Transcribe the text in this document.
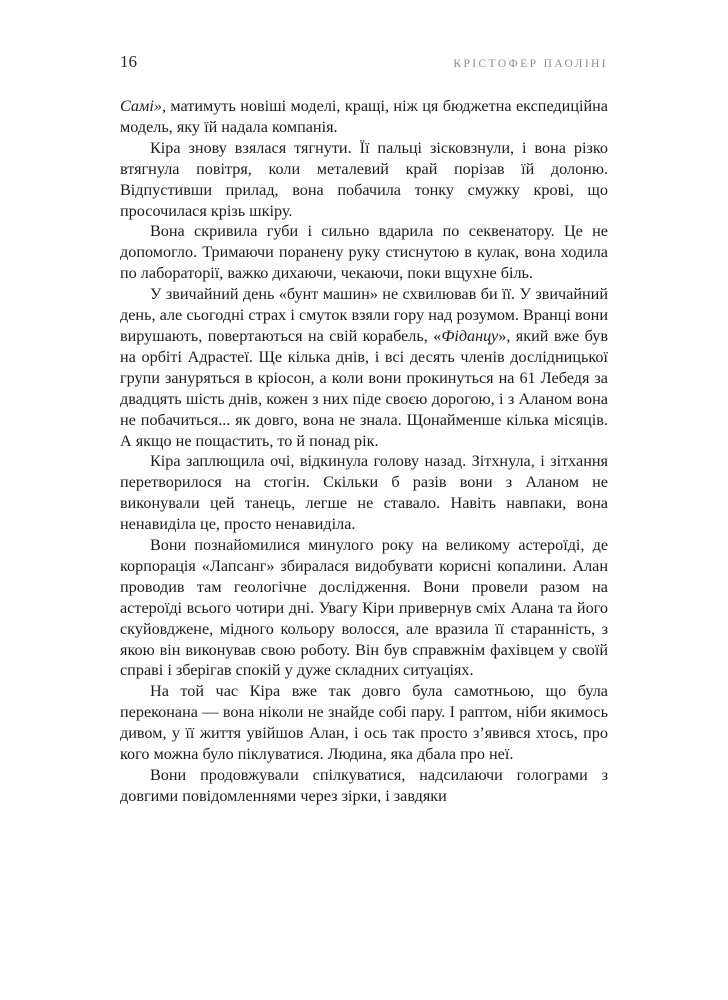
16	КРІСТОФЕР ПАОЛІНІ

Самі», матимуть новіші моделі, кращі, ніж ця бюджетна експедиційна модель, яку їй надала компанія.

Кіра знову взялася тягнути. Її пальці зісковзнули, і вона різко втягнула повітря, коли металевий край порізав їй долоню. Відпустивши прилад, вона побачила тонку смужку крові, що просочилася крізь шкіру.

Вона скривила губи і сильно вдарила по секвенатору. Це не допомогло. Тримаючи поранену руку стиснутою в кулак, вона ходила по лабораторії, важко дихаючи, чекаючи, поки вщухне біль.

У звичайний день «бунт машин» не схвилював би її. У звичайний день, але сьогодні страх і смуток взяли гору над розумом. Вранці вони вирушають, повертаються на свій корабель, «Фіданцу», який вже був на орбіті Адрастеї. Ще кілька днів, і всі десять членів дослідницької групи зануряться в кріосон, а коли вони прокинуться на 61 Лебедя за двадцять шість днів, кожен з них піде своєю дорогою, і з Аланом вона не побачиться... як довго, вона не знала. Щонайменше кілька місяців. А якщо не пощастить, то й понад рік.

Кіра заплющила очі, відкинула голову назад. Зітхнула, і зітхання перетворилося на стогін. Скільки б разів вони з Аланом не виконували цей танець, легше не ставало. Навіть навпаки, вона ненавиділа це, просто ненавиділа.

Вони познайомилися минулого року на великому астероїді, де корпорація «Лапсанг» збиралася видобувати корисні копалини. Алан проводив там геологічне дослідження. Вони провели разом на астероїді всього чотири дні. Увагу Кіри привернув сміх Алана та його скуйовджене, мідного кольору волосся, але вразила її старанність, з якою він виконував свою роботу. Він був справжнім фахівцем у своїй справі і зберігав спокій у дуже складних ситуаціях.

На той час Кіра вже так довго була самотньою, що була переконана — вона ніколи не знайде собі пару. І раптом, ніби якимось дивом, у її життя увійшов Алан, і ось так просто з’явився хтось, про кого можна було піклуватися. Людина, яка дбала про неї.

Вони продовжували спілкуватися, надсилаючи голограми з довгими повідомленнями через зірки, і завдяки
